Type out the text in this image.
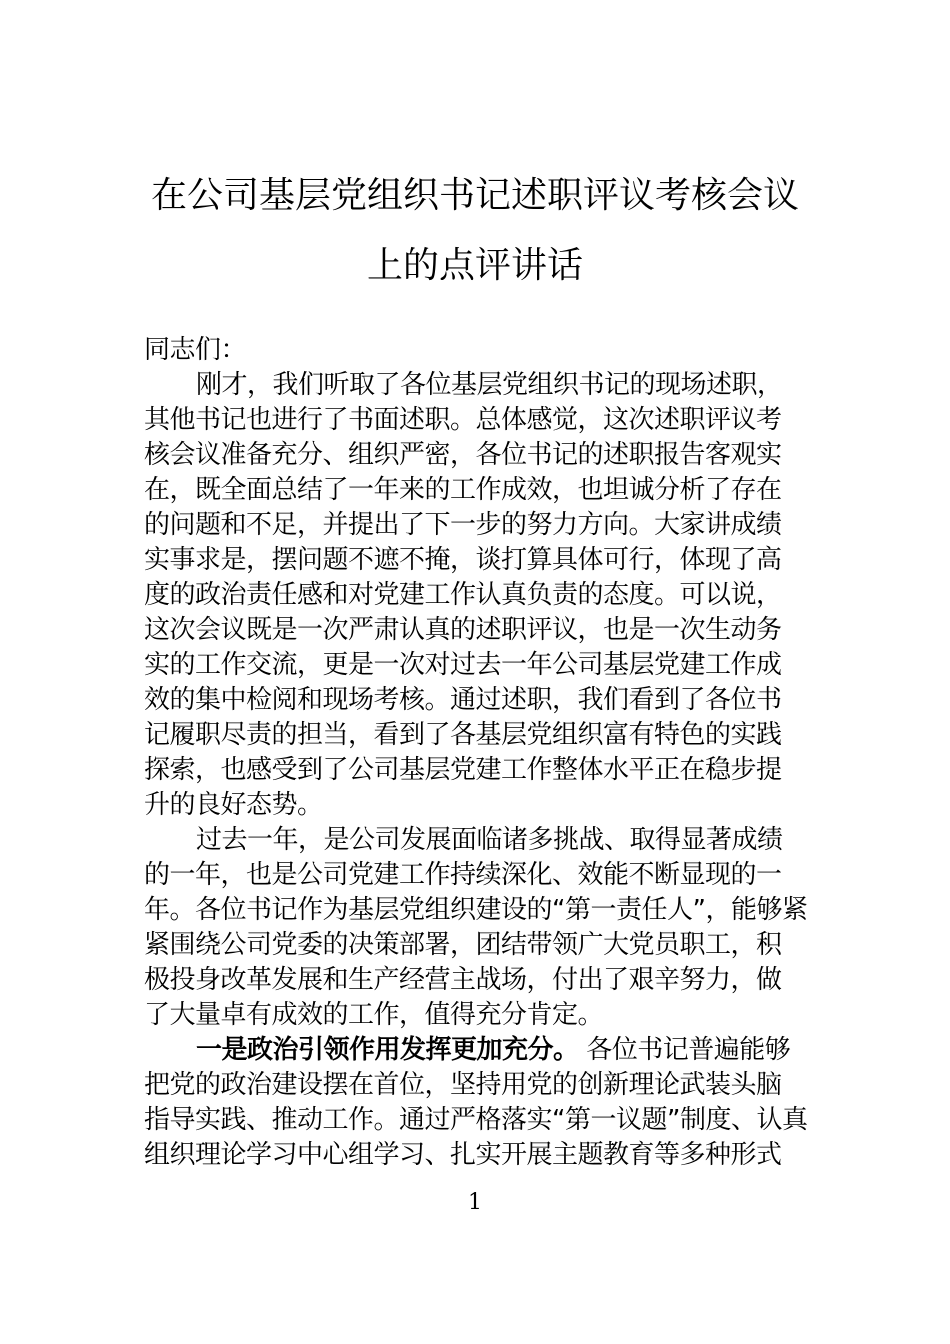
在公司基层党组织书记述职评议考核会议
上的点评讲话
同志们：
刚才，我们听取了各位基层党组织书记的现场述职，
其他书记也进行了书面述职。总体感觉，这次述职评议考
核会议准备充分、组织严密，各位书记的述职报告客观实
在，既全面总结了一年来的工作成效，也坦诚分析了存在
的问题和不足，并提出了下一步的努力方向。大家讲成绩
实事求是，摆问题不遮不掩，谈打算具体可行，体现了高
度的政治责任感和对党建工作认真负责的态度。可以说，
这次会议既是一次严肃认真的述职评议，也是一次生动务
实的工作交流，更是一次对过去一年公司基层党建工作成
效的集中检阅和现场考核。通过述职，我们看到了各位书
记履职尽责的担当，看到了各基层党组织富有特色的实践
探索，也感受到了公司基层党建工作整体水平正在稳步提
升的良好态势。
过去一年，是公司发展面临诸多挑战、取得显著成绩
的一年，也是公司党建工作持续深化、效能不断显现的一
年。各位书记作为基层党组织建设的“第一责任人”，能够紧
紧围绕公司党委的决策部署，团结带领广大党员职工，积
极投身改革发展和生产经营主战场，付出了艰辛努力，做
了大量卓有成效的工作，值得充分肯定。
一是政治引领作用发挥更加充分。 各位书记普遍能够
把党的政治建设摆在首位，坚持用党的创新理论武装头脑
指导实践、推动工作。通过严格落实“第一议题”制度、认真
组织理论学习中心组学习、扎实开展主题教育等多种形式
1
